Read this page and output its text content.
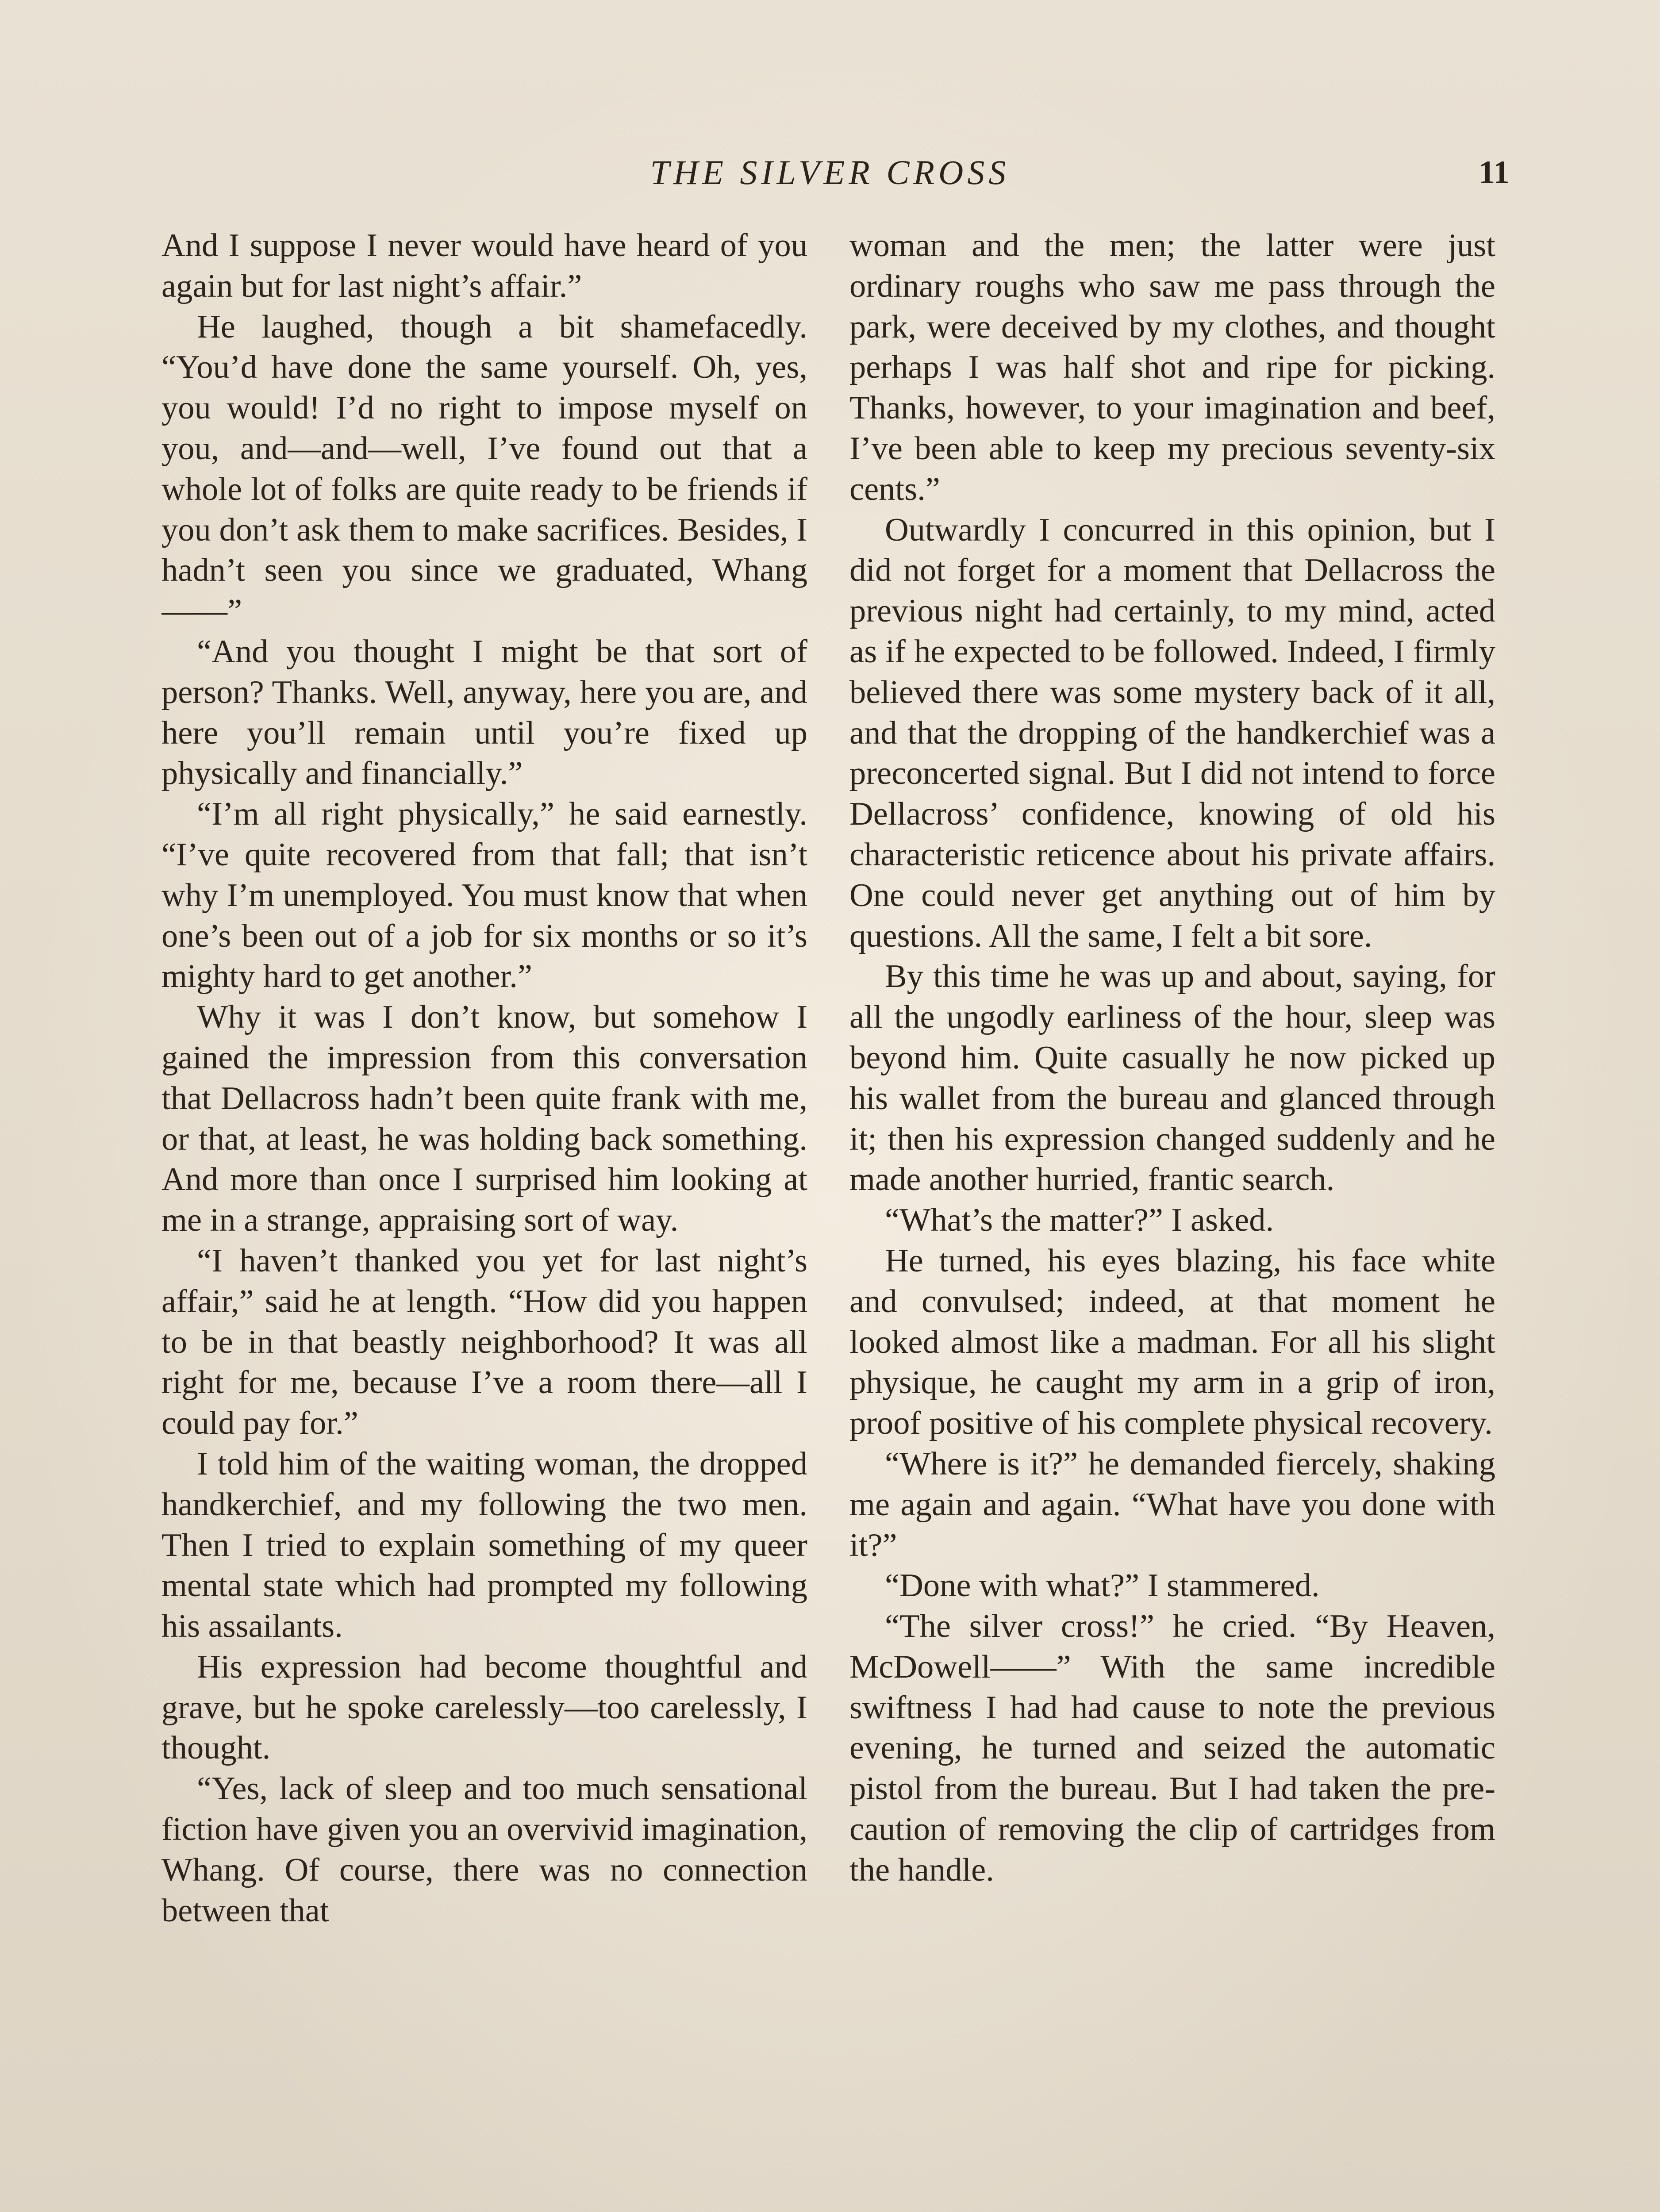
THE SILVER CROSS	11

And I suppose I never would have heard of you again but for last night’s affair.”

He laughed, though a bit shamefacedly. “You’d have done the same yourself. Oh, yes, you would! I’d no right to impose myself on you, and—and—well, I’ve found out that a whole lot of folks are quite ready to be friends if you don’t ask them to make sacrifices. Besides, I hadn’t seen you since we graduated, Whang——”

“And you thought I might be that sort of person? Thanks. Well, anyway, here you are, and here you’ll remain until you’re fixed up physically and financially.”

“I’m all right physically,” he said earnestly. “I’ve quite recovered from that fall; that isn’t why I’m unemployed. You must know that when one’s been out of a job for six months or so it’s mighty hard to get another.”

Why it was I don’t know, but somehow I gained the impression from this conversation that Dellacross hadn’t been quite frank with me, or that, at least, he was holding back something. And more than once I surprised him looking at me in a strange, appraising sort of way.

“I haven’t thanked you yet for last night’s affair,” said he at length. “How did you happen to be in that beastly neighborhood? It was all right for me, because I’ve a room there—all I could pay for.”

I told him of the waiting woman, the dropped handkerchief, and my following the two men. Then I tried to explain something of my queer mental state which had prompted my following his assailants.

His expression had become thoughtful and grave, but he spoke carelessly—too carelessly, I thought.

“Yes, lack of sleep and too much sensational fiction have given you an overvivid imagination, Whang. Of course, there was no connection between that

woman and the men; the latter were just ordinary roughs who saw me pass through the park, were deceived by my clothes, and thought perhaps I was half shot and ripe for picking. Thanks, however, to your imagination and beef, I’ve been able to keep my precious seventy-six cents.”

Outwardly I concurred in this opinion, but I did not forget for a moment that Dellacross the previous night had certainly, to my mind, acted as if he expected to be followed. Indeed, I firmly believed there was some mystery back of it all, and that the dropping of the handkerchief was a preconcerted signal. But I did not intend to force Dellacross’ confidence, knowing of old his characteristic reticence about his private affairs. One could never get anything out of him by questions. All the same, I felt a bit sore.

By this time he was up and about, saying, for all the ungodly earliness of the hour, sleep was beyond him. Quite casually he now picked up his wallet from the bureau and glanced through it; then his expression changed suddenly and he made another hurried, frantic search.

“What’s the matter?” I asked.

He turned, his eyes blazing, his face white and convulsed; indeed, at that moment he looked almost like a madman. For all his slight physique, he caught my arm in a grip of iron, proof positive of his complete physical recovery.

“Where is it?” he demanded fiercely, shaking me again and again. “What have you done with it?”

“Done with what?” I stammered.

“The silver cross!” he cried. “By Heaven, McDowell——” With the same incredible swiftness I had had cause to note the previous evening, he turned and seized the automatic pistol from the bureau. But I had taken the precaution of removing the clip of cartridges from the handle.
